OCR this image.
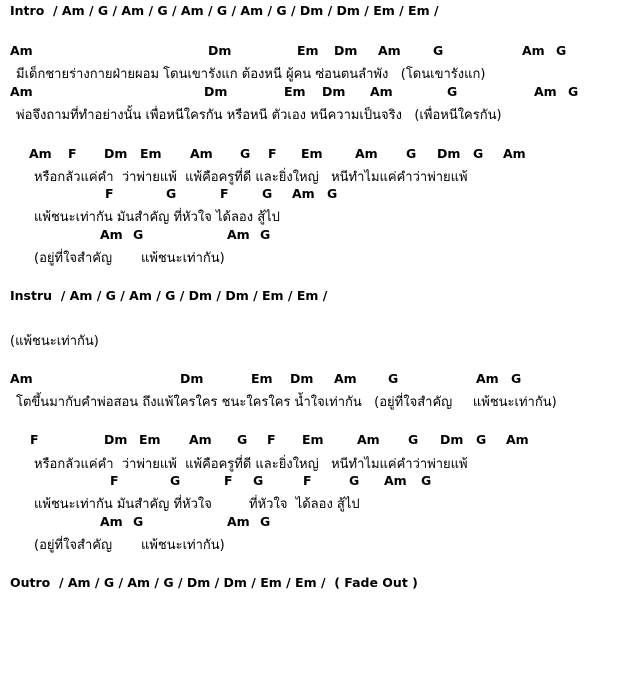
Intro  / Am / G / Am / G / Am / G / Am / G / Dm / Dm / Em / Em /

Am

	Dm

	Em

Dm

Am

	G

	Am

G

มีเด็กชายร่างกายฝ่ายผอม โดนเขารังแก ต้องหนี ผู้คน ซ่อนตนลำพัง   (โดนเขารังแก)

Am

	Dm

	Em

Dm

Am

	G

	Am

G

พ่อจึงถามที่ทำอย่างนั้น เพื่อหนีใครกัน หรือหนี ตัวเอง หนีความเป็นจริง   (เพื่อหนีใครกัน)

Am

F

Dm

Em

Am

G

F

Em

	Am

G

Dm

G

Am

หรือกลัวแค่คำ  ว่าพ่ายแพ้  แพ้คือครูที่ดี และยิ่งใหญ่   หนีทำไมแค่คำว่าพ่ายแพ้

F

	G

	F

	G

Am

G

แพ้ชนะเท่ากัน มันสำคัญ ที่หัวใจ ได้ลอง สู้ไป

Am

G

	Am

G

(อยู่ที่ใจสำคัญ       แพ้ชนะเท่ากัน)
Instru  / Am / G / Am / G / Dm / Dm / Em / Em /
(แพ้ชนะเท่ากัน)

Am

	Dm

	Em

Dm

Am

	G

	Am

G

โตขึ้นมากับคำพ่อสอน ถึงแพ้ใครใคร ชนะใครใคร น้ำใจเท่ากัน   (อยู่ที่ใจสำคัญ     แพ้ชนะเท่ากัน)

F

	Dm

Em

Am

G

F

Em

	Am

G

Dm

G

Am

หรือกลัวแค่คำ  ว่าพ่ายแพ้  แพ้คือครูที่ดี และยิ่งใหญ่   หนีทำไมแค่คำว่าพ่ายแพ้

F

	G

	F

G

	F

	G

Am

G

แพ้ชนะเท่ากัน มันสำคัญ ที่หัวใจ         ที่หัวใจ  ได้ลอง สู้ไป

Am

G

	Am

G

(อยู่ที่ใจสำคัญ       แพ้ชนะเท่ากัน)
Outro  / Am / G / Am / G / Dm / Dm / Em / Em /  ( Fade Out )
